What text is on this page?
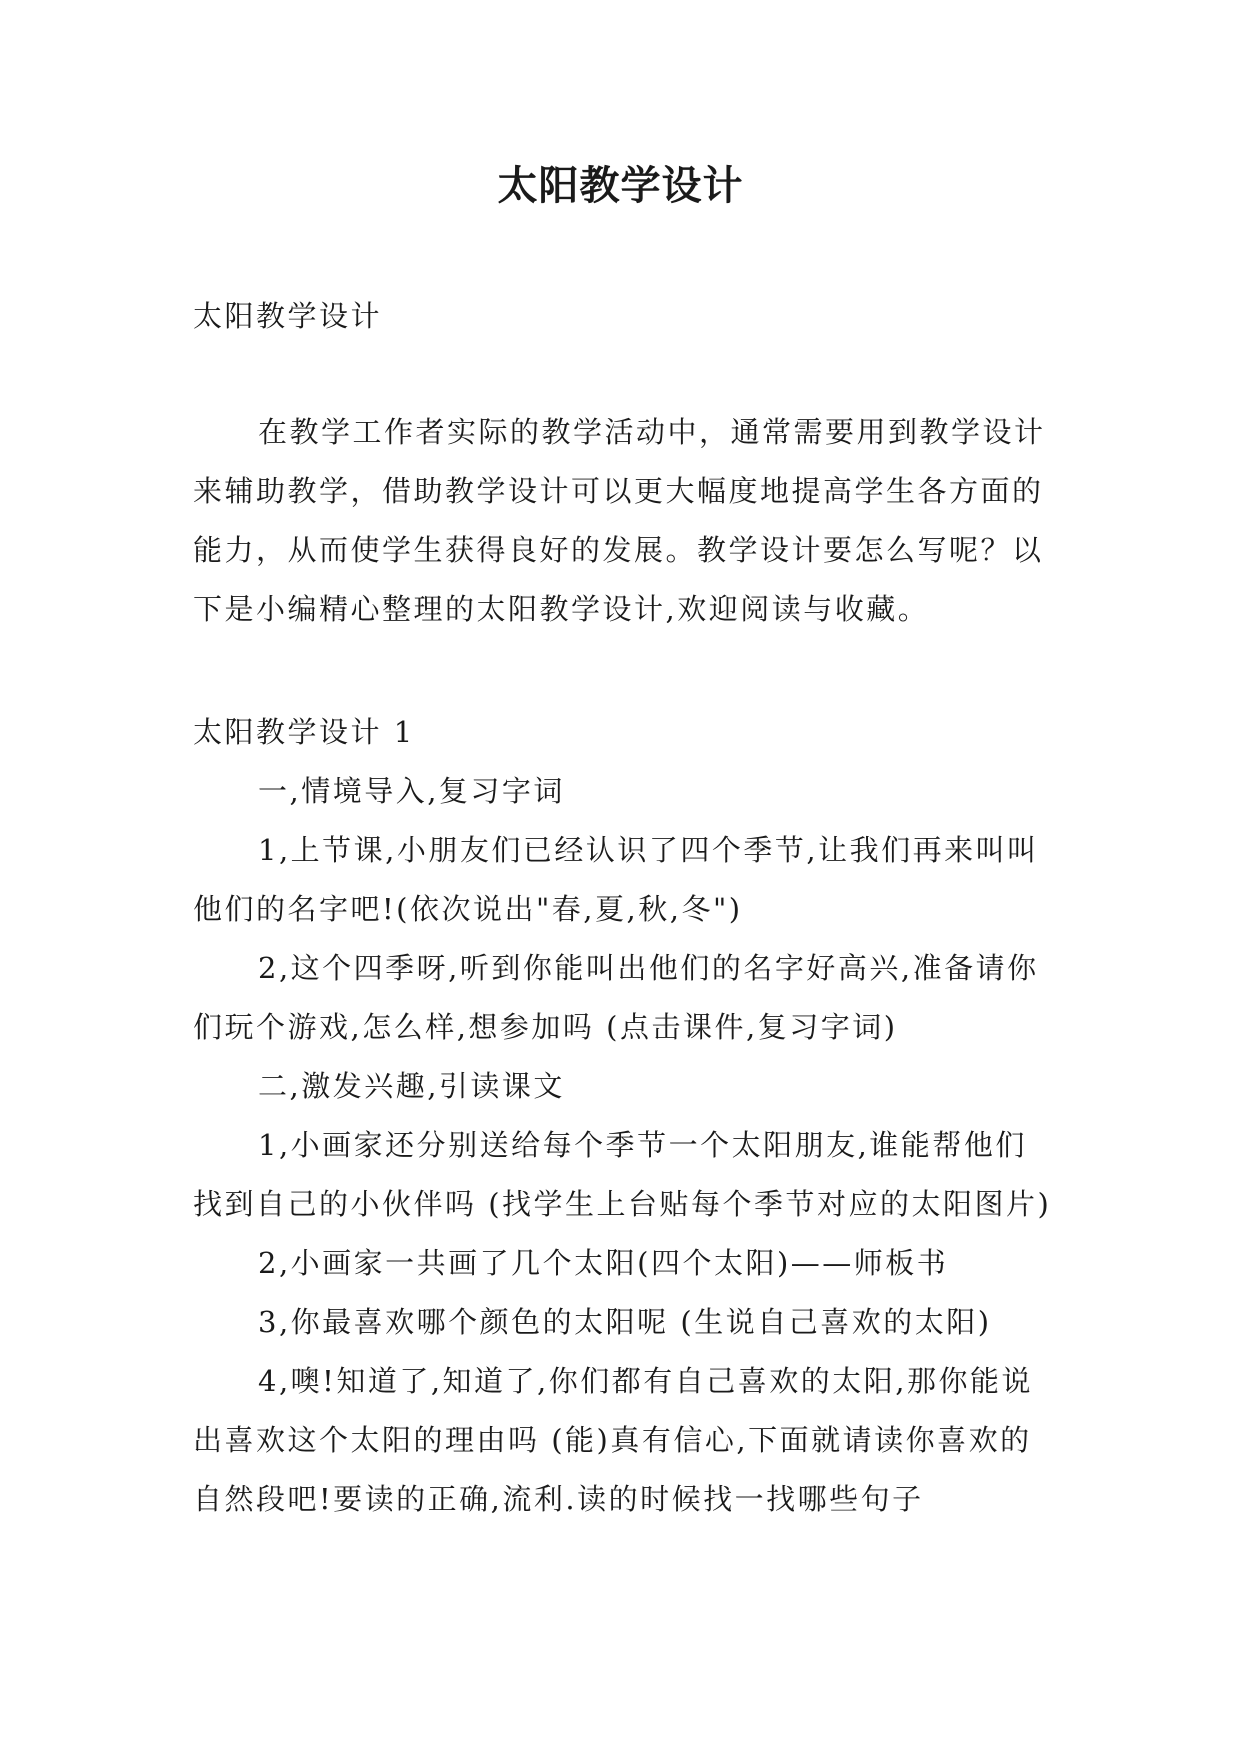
太阳教学设计

太阳教学设计

在教学工作者实际的教学活动中，通常需要用到教学设计来辅助教学，借助教学设计可以更大幅度地提高学生各方面的能力，从而使学生获得良好的发展。教学设计要怎么写呢？以下是小编精心整理的太阳教学设计,欢迎阅读与收藏。

太阳教学设计 1

一,情境导入,复习字词

1,上节课,小朋友们已经认识了四个季节,让我们再来叫叫他们的名字吧!(依次说出"春,夏,秋,冬")

2,这个四季呀,听到你能叫出他们的名字好高兴,准备请你们玩个游戏,怎么样,想参加吗 (点击课件,复习字词)

二,激发兴趣,引读课文

1,小画家还分别送给每个季节一个太阳朋友,谁能帮他们找到自己的小伙伴吗 (找学生上台贴每个季节对应的太阳图片)

2,小画家一共画了几个太阳(四个太阳)——师板书

3,你最喜欢哪个颜色的太阳呢 (生说自己喜欢的太阳)

4,噢!知道了,知道了,你们都有自己喜欢的太阳,那你能说出喜欢这个太阳的理由吗 (能)真有信心,下面就请读你喜欢的自然段吧!要读的正确,流利.读的时候找一找哪些句子
